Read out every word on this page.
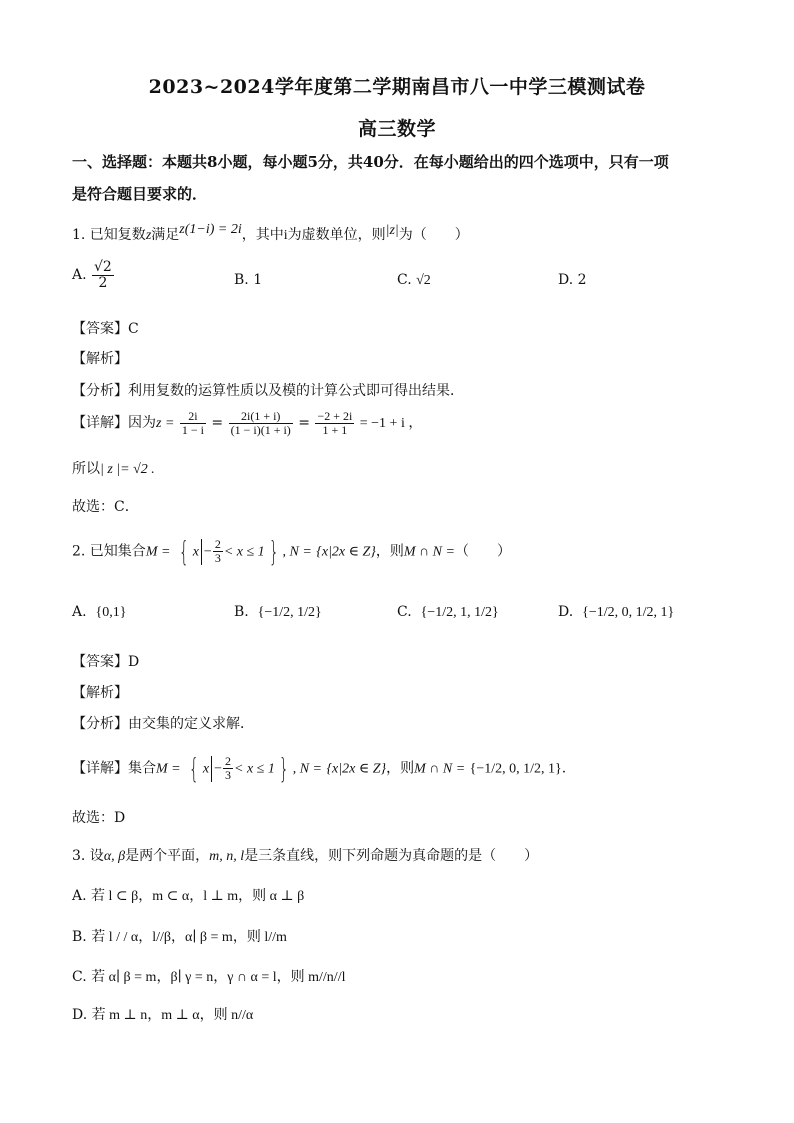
2023~2024学年度第二学期南昌市八一中学三模测试卷
高三数学
一、选择题：本题共8小题，每小题5分，共40分．在每小题给出的四个选项中，只有一项
是符合题目要求的．
1. 已知复数z满足z(1−i) = 2i，其中i为虚数单位，则|z|为（　　）
A. $\frac{√2}{2}$	B. 1	C. √2	D. 2
【答案】C
【解析】
【分析】利用复数的运算性质以及模的计算公式即可得出结果．
【详解】因为$z = \frac{2i}{1 - i} = \frac{2i(1 + i)}{(1 - i)(1 + i)} = \frac{-2 + 2i}{1 + 1} = -1 + i$ ，
所以| z |= √2 .
故选：C．
2. 已知集合M = { $x - \frac{2}{3} < x \le 1$ } , N = {x|2x ∈ Z}，则M ∩ N =（　　）
A. {0,1}	B. {−1/2, 1/2}	C. {−1/2, 1, 1/2}	D. {−1/2, 0, 1/2, 1}
【答案】D
【解析】
【分析】由交集的定义求解．
【详解】集合M = { $x - \frac{2}{3} < x \le 1$ } , N = {x|2x ∈ Z}，则M ∩ N = {−1/2, 0, 1/2, 1}.
故选：D
3. 设α, β是两个平面，m, n, l是三条直线，则下列命题为真命题的是（　　）
A. 若 l ⊂ β，m ⊂ α，l ⊥ m，则 α ⊥ β
B. 若 l / / α，l//β，α∣ β = m，则 l//m
C. 若 α∣ β = m，β∣ γ = n，γ ∩ α = l，则 m//n//l
D. 若 m ⊥ n，m ⊥ α，则 n//α
